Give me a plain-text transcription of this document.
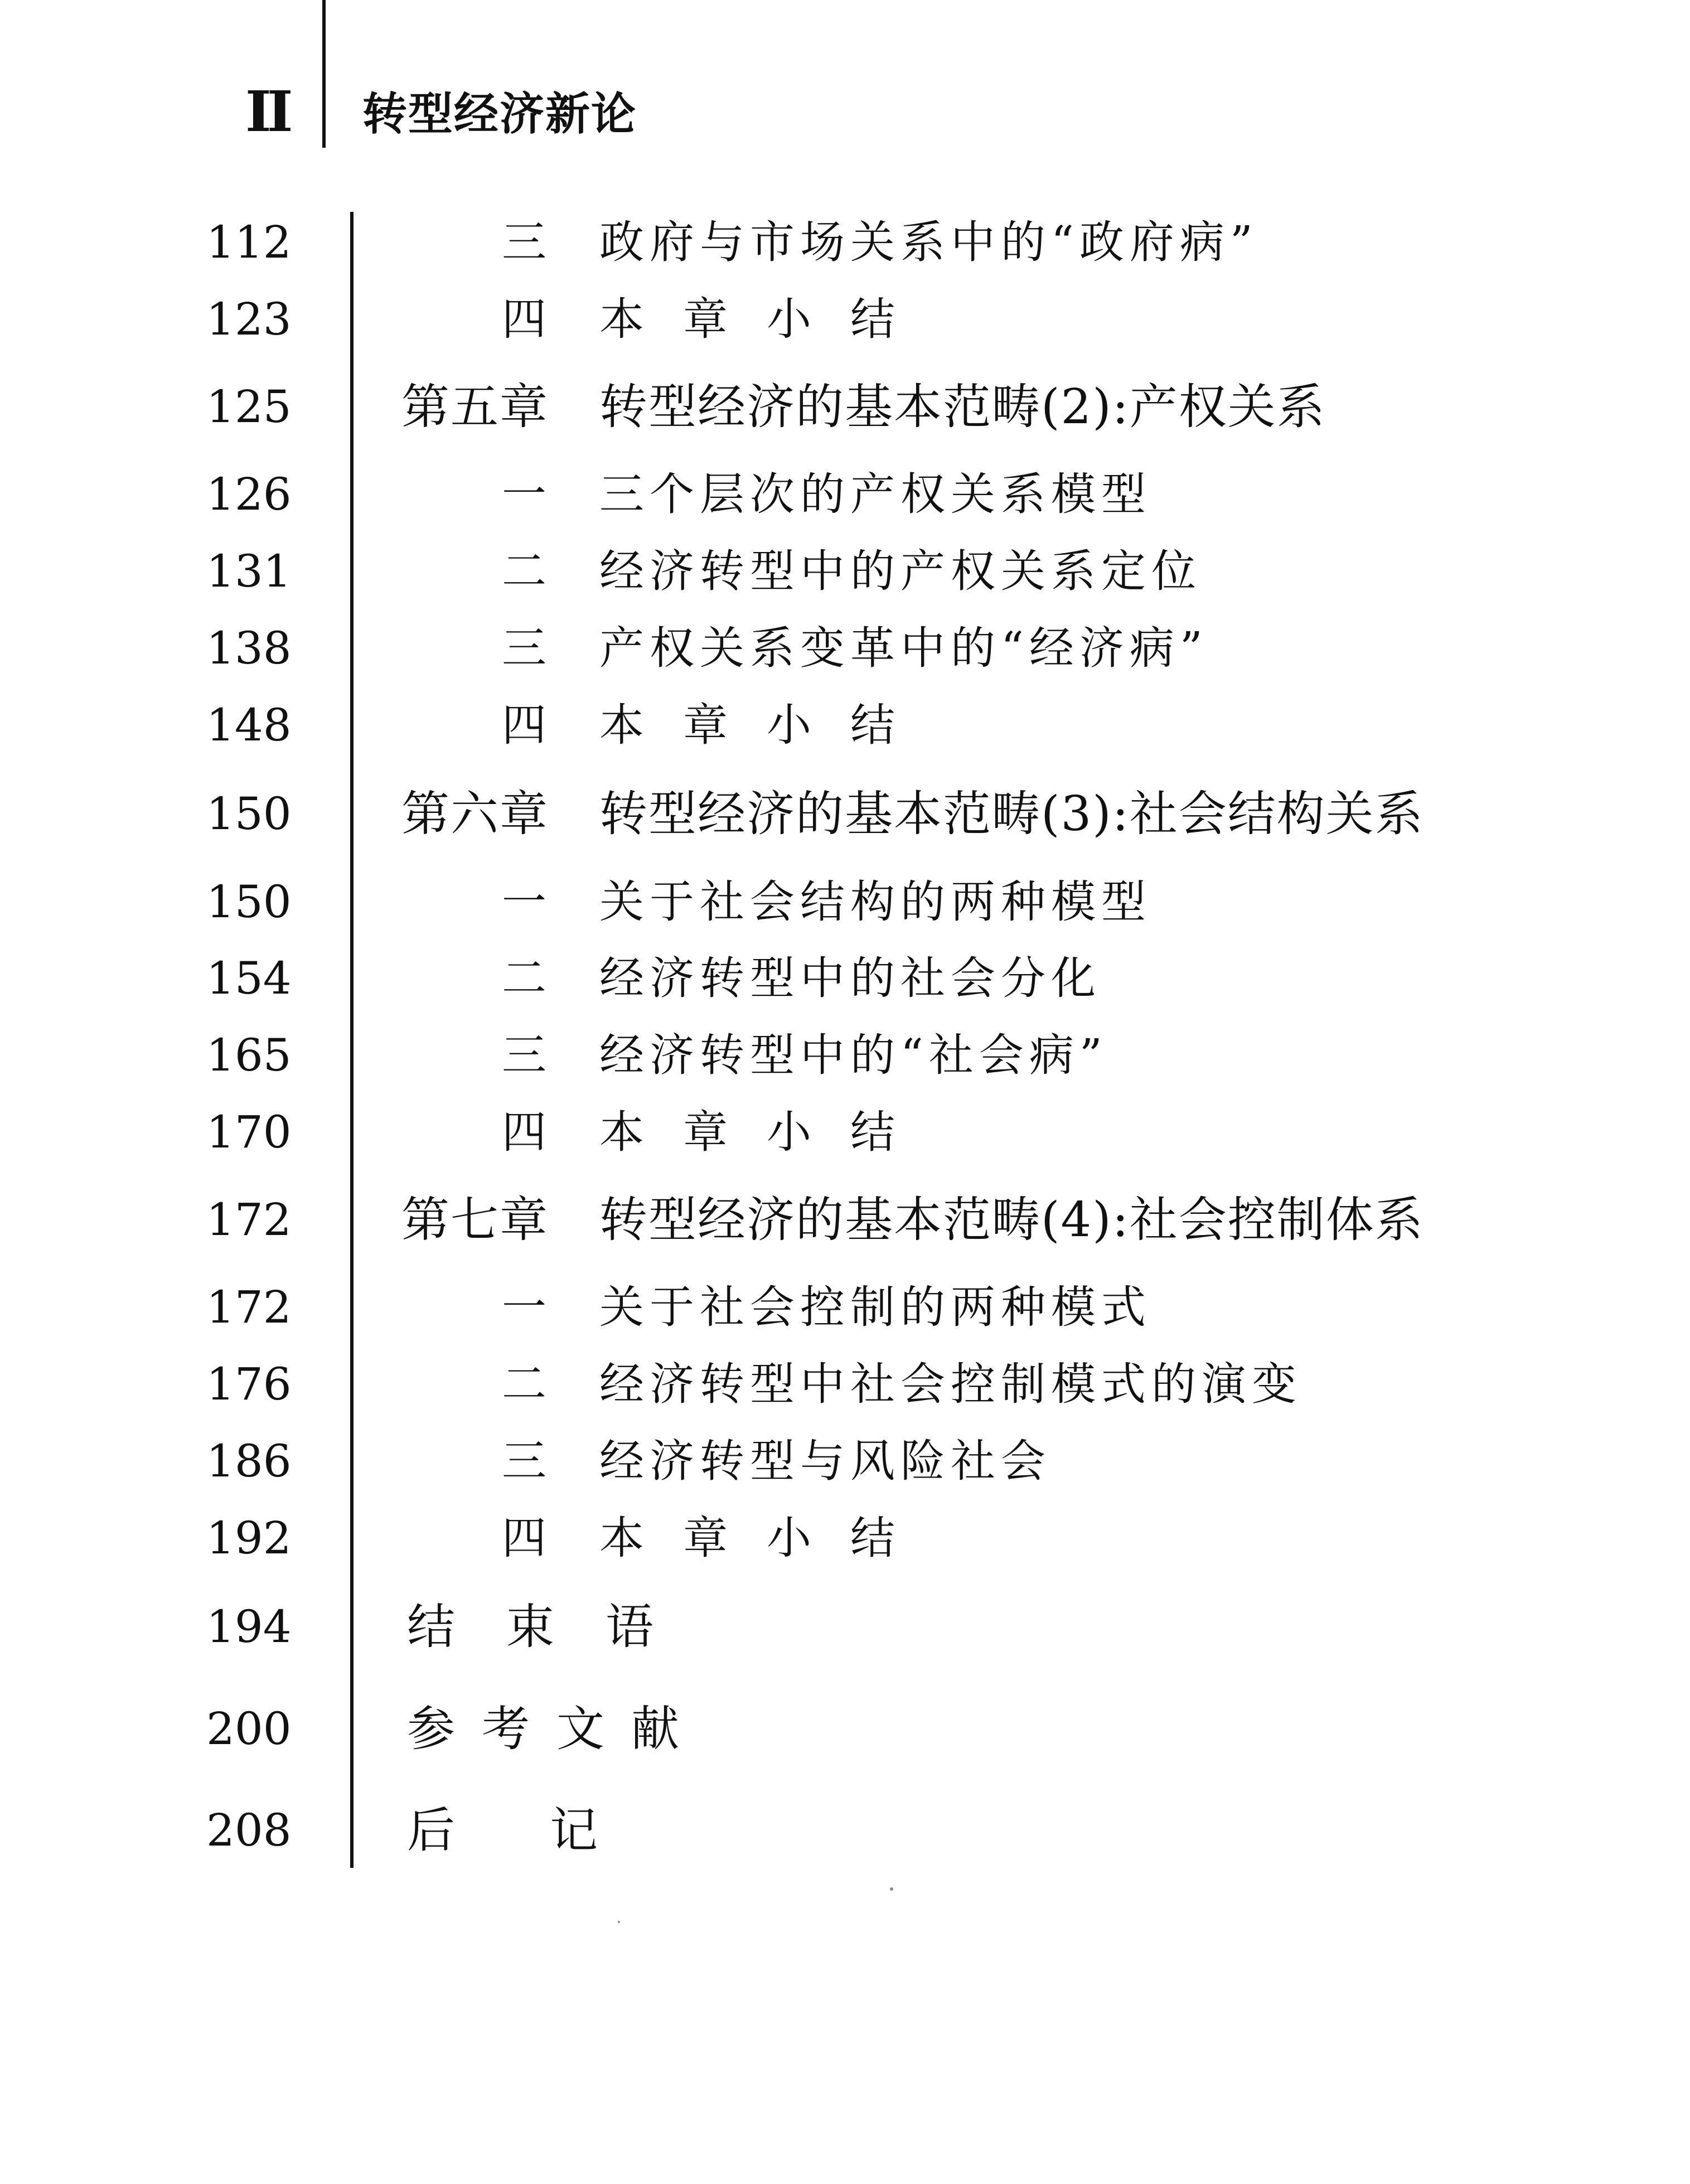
II 转型经济新论
112	三 政府与市场关系中的“政府病”
123	四 本章小结
125	第五章 转型经济的基本范畴(2):产权关系
126	一 三个层次的产权关系模型
131	二 经济转型中的产权关系定位
138	三 产权关系变革中的“经济病”
148	四 本章小结
150	第六章 转型经济的基本范畴(3):社会结构关系
150	一 关于社会结构的两种模型
154	二 经济转型中的社会分化
165	三 经济转型中的“社会病”
170	四 本章小结
172	第七章 转型经济的基本范畴(4):社会控制体系
172	一 关于社会控制的两种模式
176	二 经济转型中社会控制模式的演变
186	三 经济转型与风险社会
192	四 本章小结
194	结束语
200	参考文献
208	后记
